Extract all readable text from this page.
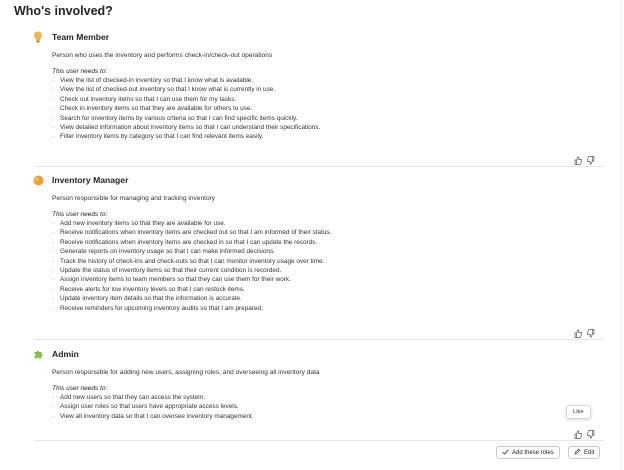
Who's involved?
Team Member
Person who uses the inventory and performs check-in/check-out operations
This user needs to:
· View the list of checked-in inventory so that I know what is available.
· View the list of checked-out inventory so that I know what is currently in use.
· Check out inventory items so that I can use them for my tasks.
· Check in inventory items so that they are available for others to use.
· Search for inventory items by various criteria so that I can find specific items quickly.
· View detailed information about inventory items so that I can understand their specifications.
· Filter inventory items by category so that I can find relevant items easily.
Inventory Manager
Person responsible for managing and tracking inventory
This user needs to:
· Add new inventory items so that they are available for use.
· Receive notifications when inventory items are checked out so that I am informed of their status.
· Receive notifications when inventory items are checked in so that I can update the records.
· Generate reports on inventory usage so that I can make informed decisions.
· Track the history of check-ins and check-outs so that I can monitor inventory usage over time.
· Update the status of inventory items so that their current condition is recorded.
· Assign inventory items to team members so that they can use them for their work.
· Receive alerts for low inventory levels so that I can restock items.
· Update inventory item details so that the information is accurate.
· Receive reminders for upcoming inventory audits so that I am prepared.
Admin
Person responsible for adding new users, assigning roles, and overseeing all inventory data
This user needs to:
· Add new users so that they can access the system.
· Assign user roles so that users have appropriate access levels.
· View all inventory data so that I can oversee inventory management.
Like
Add these roles	Edit
